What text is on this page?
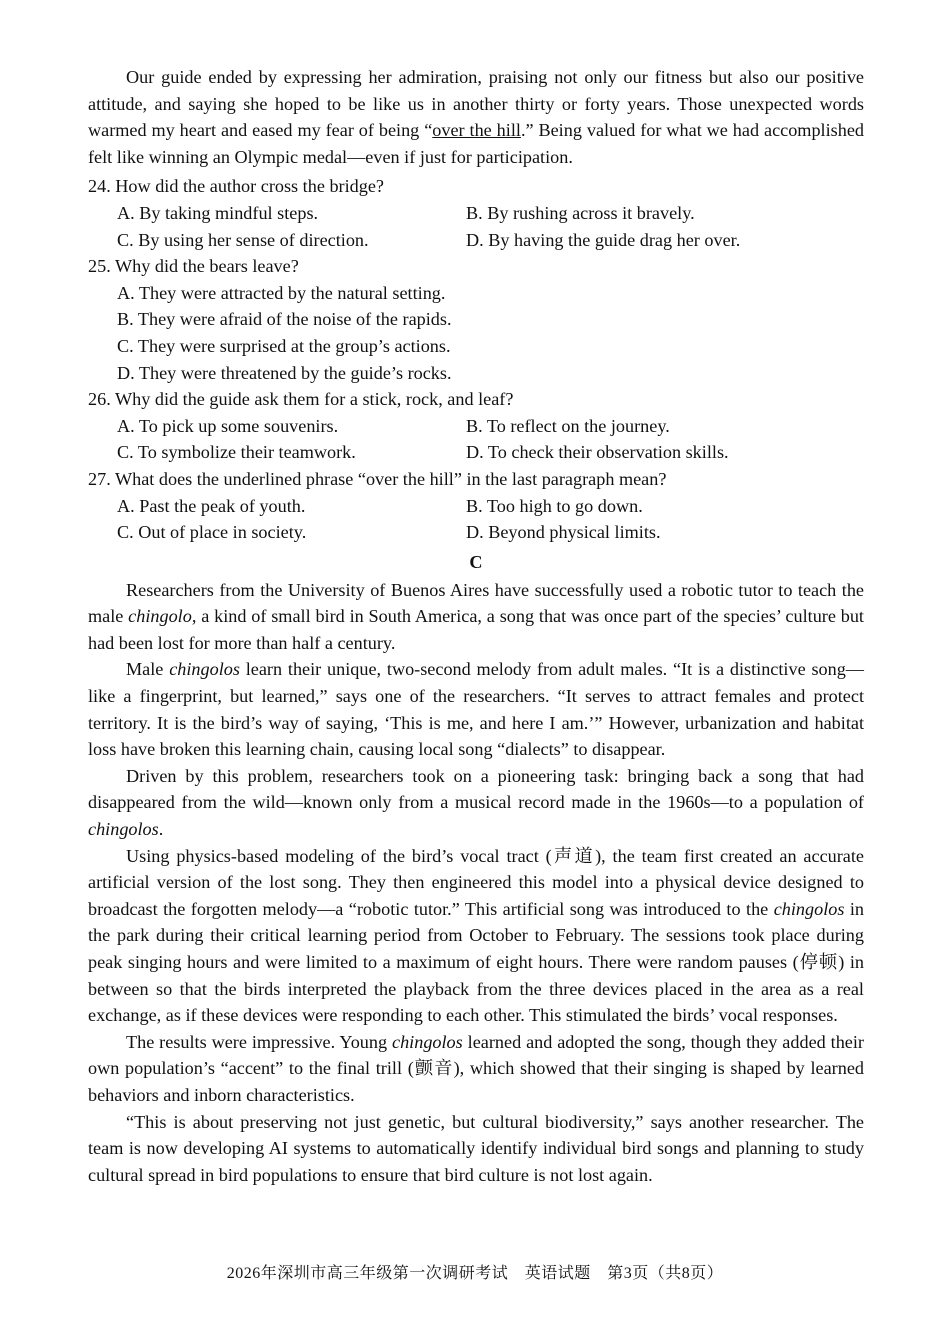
Our guide ended by expressing her admiration, praising not only our fitness but also our positive attitude, and saying she hoped to be like us in another thirty or forty years. Those unexpected words warmed my heart and eased my fear of being “over the hill.” Being valued for what we had accomplished felt like winning an Olympic medal—even if just for participation.

24. How did the author cross the bridge?
A. By taking mindful steps.	B. By rushing across it bravely.
C. By using her sense of direction.	D. By having the guide drag her over.
25. Why did the bears leave?
A. They were attracted by the natural setting.
B. They were afraid of the noise of the rapids.
C. They were surprised at the group’s actions.
D. They were threatened by the guide’s rocks.
26. Why did the guide ask them for a stick, rock, and leaf?
A. To pick up some souvenirs.	B. To reflect on the journey.
C. To symbolize their teamwork.	D. To check their observation skills.
27. What does the underlined phrase “over the hill” in the last paragraph mean?
A. Past the peak of youth.	B. Too high to go down.
C. Out of place in society.	D. Beyond physical limits.
C

Researchers from the University of Buenos Aires have successfully used a robotic tutor to teach the male chingolo, a kind of small bird in South America, a song that was once part of the species’ culture but had been lost for more than half a century.

Male chingolos learn their unique, two-second melody from adult males. “It is a distinctive song—like a fingerprint, but learned,” says one of the researchers. “It serves to attract females and protect territory. It is the bird’s way of saying, ‘This is me, and here I am.’” However, urbanization and habitat loss have broken this learning chain, causing local song “dialects” to disappear.

Driven by this problem, researchers took on a pioneering task: bringing back a song that had disappeared from the wild—known only from a musical record made in the 1960s—to a population of chingolos.

Using physics-based modeling of the bird’s vocal tract (声道), the team first created an accurate artificial version of the lost song. They then engineered this model into a physical device designed to broadcast the forgotten melody—a “robotic tutor.” This artificial song was introduced to the chingolos in the park during their critical learning period from October to February. The sessions took place during peak singing hours and were limited to a maximum of eight hours. There were random pauses (停顿) in between so that the birds interpreted the playback from the three devices placed in the area as a real exchange, as if these devices were responding to each other. This stimulated the birds’ vocal responses.

The results were impressive. Young chingolos learned and adopted the song, though they added their own population’s “accent” to the final trill (颤音), which showed that their singing is shaped by learned behaviors and inborn characteristics.

“This is about preserving not just genetic, but cultural biodiversity,” says another researcher. The team is now developing AI systems to automatically identify individual bird songs and planning to study cultural spread in bird populations to ensure that bird culture is not lost again.

2026年深圳市高三年级第一次调研考试　英语试题　第3页（共8页）
